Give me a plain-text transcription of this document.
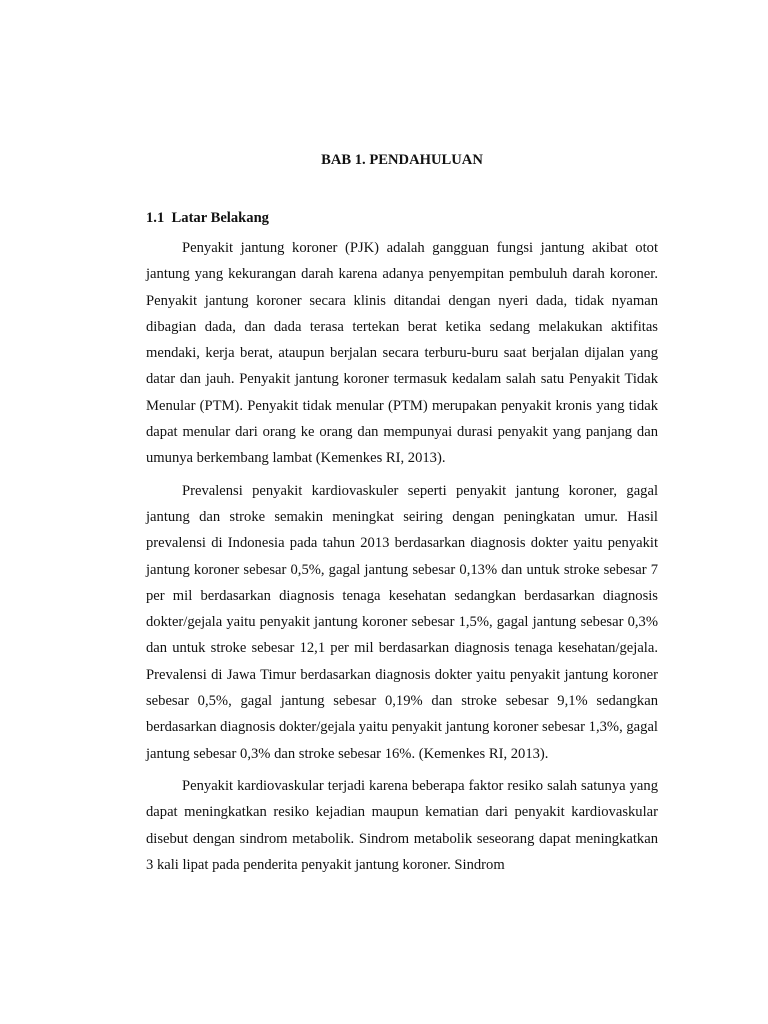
BAB 1. PENDAHULUAN
1.1  Latar Belakang

Penyakit jantung koroner (PJK) adalah gangguan fungsi jantung akibat otot jantung yang kekurangan darah karena adanya penyempitan pembuluh darah koroner. Penyakit jantung koroner secara klinis ditandai dengan nyeri dada, tidak nyaman dibagian dada, dan dada terasa tertekan berat ketika sedang melakukan aktifitas mendaki, kerja berat, ataupun berjalan secara terburu-buru saat berjalan dijalan yang datar dan jauh. Penyakit jantung koroner termasuk kedalam salah satu Penyakit Tidak Menular (PTM). Penyakit tidak menular (PTM) merupakan penyakit kronis yang tidak dapat menular dari orang ke orang dan mempunyai durasi penyakit yang panjang dan umunya berkembang lambat (Kemenkes RI, 2013).

Prevalensi penyakit kardiovaskuler seperti penyakit jantung koroner, gagal jantung dan stroke semakin meningkat seiring dengan peningkatan umur. Hasil prevalensi di Indonesia pada tahun 2013 berdasarkan diagnosis dokter yaitu penyakit jantung koroner sebesar 0,5%, gagal jantung sebesar 0,13% dan untuk stroke sebesar 7 per mil berdasarkan diagnosis tenaga kesehatan sedangkan berdasarkan diagnosis dokter/gejala yaitu penyakit jantung koroner sebesar 1,5%, gagal jantung sebesar 0,3% dan untuk stroke sebesar 12,1 per mil berdasarkan diagnosis tenaga kesehatan/gejala. Prevalensi di Jawa Timur berdasarkan diagnosis dokter yaitu penyakit jantung koroner sebesar 0,5%, gagal jantung sebesar 0,19% dan stroke sebesar 9,1% sedangkan berdasarkan diagnosis dokter/gejala yaitu penyakit jantung koroner sebesar 1,3%, gagal jantung sebesar 0,3% dan stroke sebesar 16%. (Kemenkes RI, 2013).

Penyakit kardiovaskular terjadi karena beberapa faktor resiko salah satunya yang dapat meningkatkan resiko kejadian maupun kematian dari penyakit kardiovaskular disebut dengan sindrom metabolik. Sindrom metabolik seseorang dapat meningkatkan 3 kali lipat pada penderita penyakit jantung koroner. Sindrom
